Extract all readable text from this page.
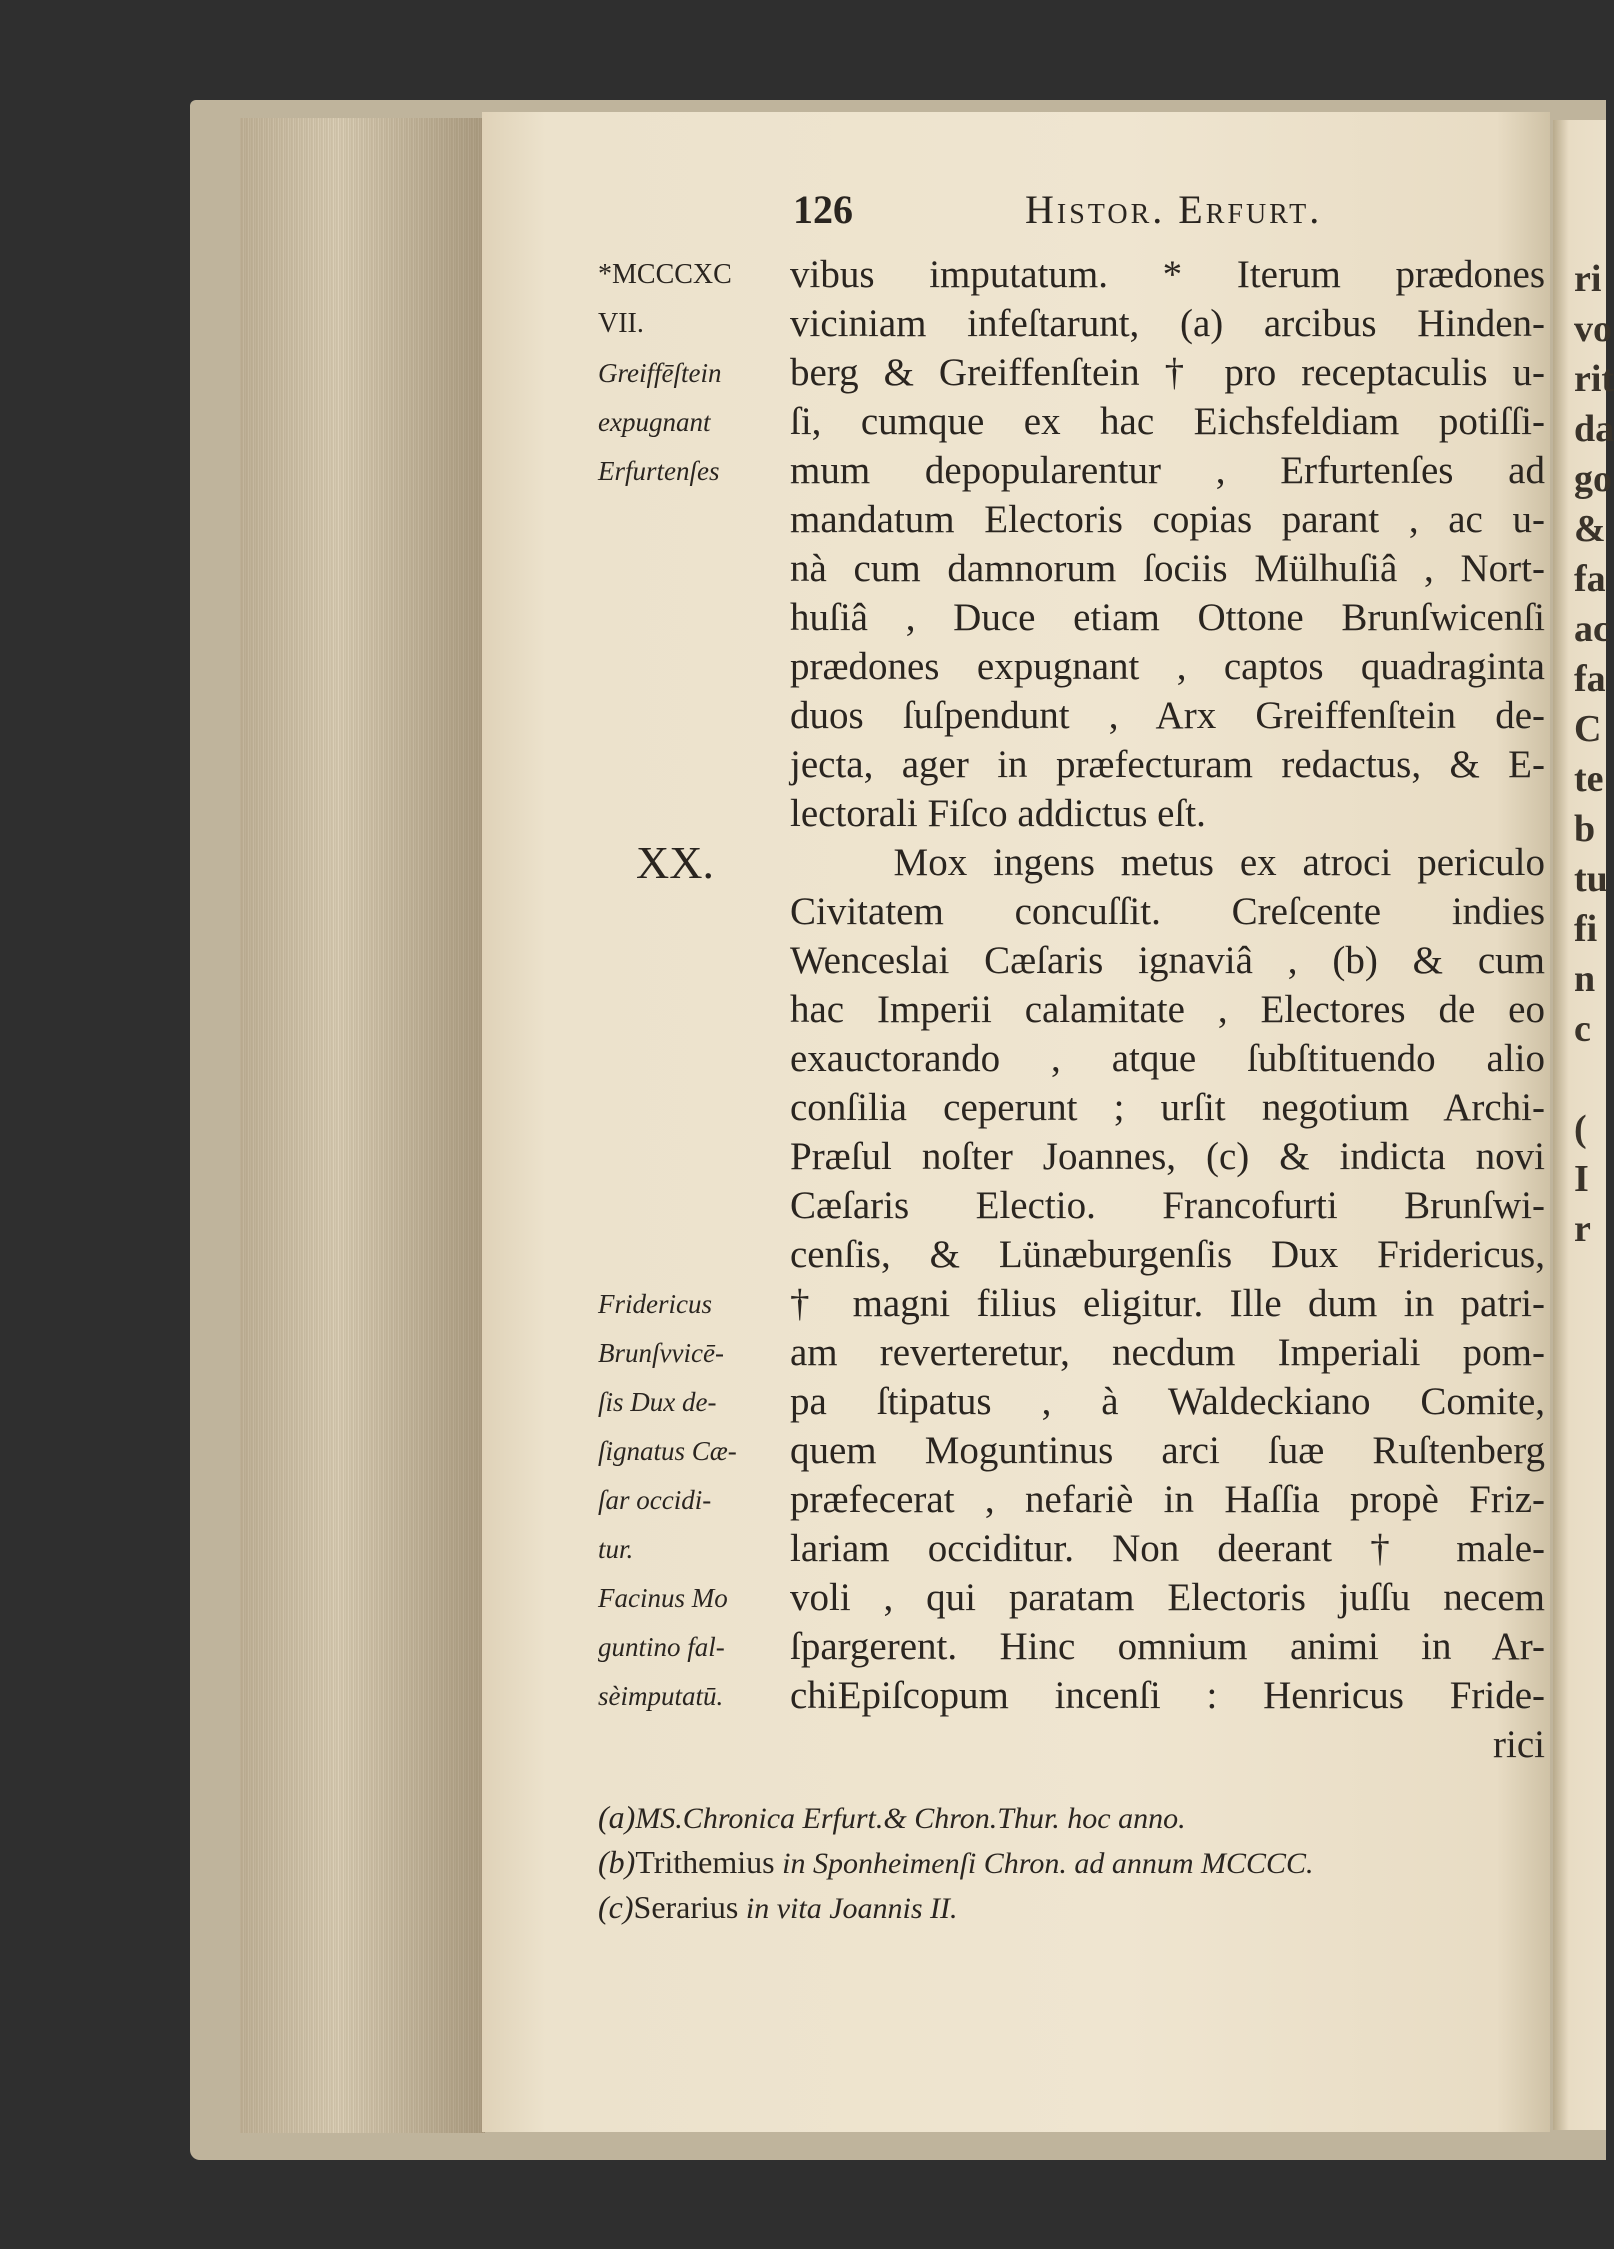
126	Histor. Erfurt.
vibus imputatum. * Iterum prædones
viciniam infeſtarunt, (a) arcibus Hinden-
berg & Greiffenſtein † pro receptaculis u-
ſi, cumque ex hac Eichsfeldiam potiſſi-
mum depopularentur , Erfurtenſes ad
mandatum Electoris copias parant , ac u-
nà cum damnorum ſociis Mülhuſiâ , Nort-
huſiâ , Duce etiam Ottone Brunſwicenſi
prædones expugnant , captos quadraginta
duos ſuſpendunt , Arx Greiffenſtein de-
jecta, ager in præfecturam redactus, & E-
lectorali Fiſco addictus eſt.
Mox ingens metus ex atroci periculo
Civitatem concuſſit. Creſcente indies
Wenceslai Cæſaris ignaviâ , (b) & cum
hac Imperii calamitate , Electores de eo
exauctorando , atque ſubſtituendo alio
conſilia ceperunt ; urſit negotium Archi-
Præſul noſter Joannes, (c) & indicta novi
Cæſaris Electio. Francofurti Brunſwi-
cenſis, & Lünæburgenſis Dux Fridericus,
† magni filius eligitur. Ille dum in patri-
am reverteretur, necdum Imperiali pom-
pa ſtipatus , à Waldeckiano Comite,
quem Moguntinus arci ſuæ Ruſtenberg
præfecerat , nefariè in Haſſia propè Friz-
lariam occiditur. Non deerant † male-
voli , qui paratam Electoris juſſu necem
ſpargerent. Hinc omnium animi in Ar-
chiEpiſcopum incenſi : Henricus Fride-
rici
*MCCCXC
VII.
Greiffēſtein
expugnant
Erfurtenſes
XX.
Fridericus
Brunſvvicē-
ſis Dux de-
ſignatus Cæ-
ſar occidi-
tur.
Facinus Mo
guntino fal-
sèimputatū.
(a)MS.Chronica Erfurt.& Chron.Thur. hoc anno.
(b)Trithemius in Sponheimenſi Chron. ad annum MCCCC.
(c)Serarius in vita Joannis II.
ri
vo
rit
da
go
&
fa
ac
fa
C
te
b
tu
fi
n
c
(
I
r
